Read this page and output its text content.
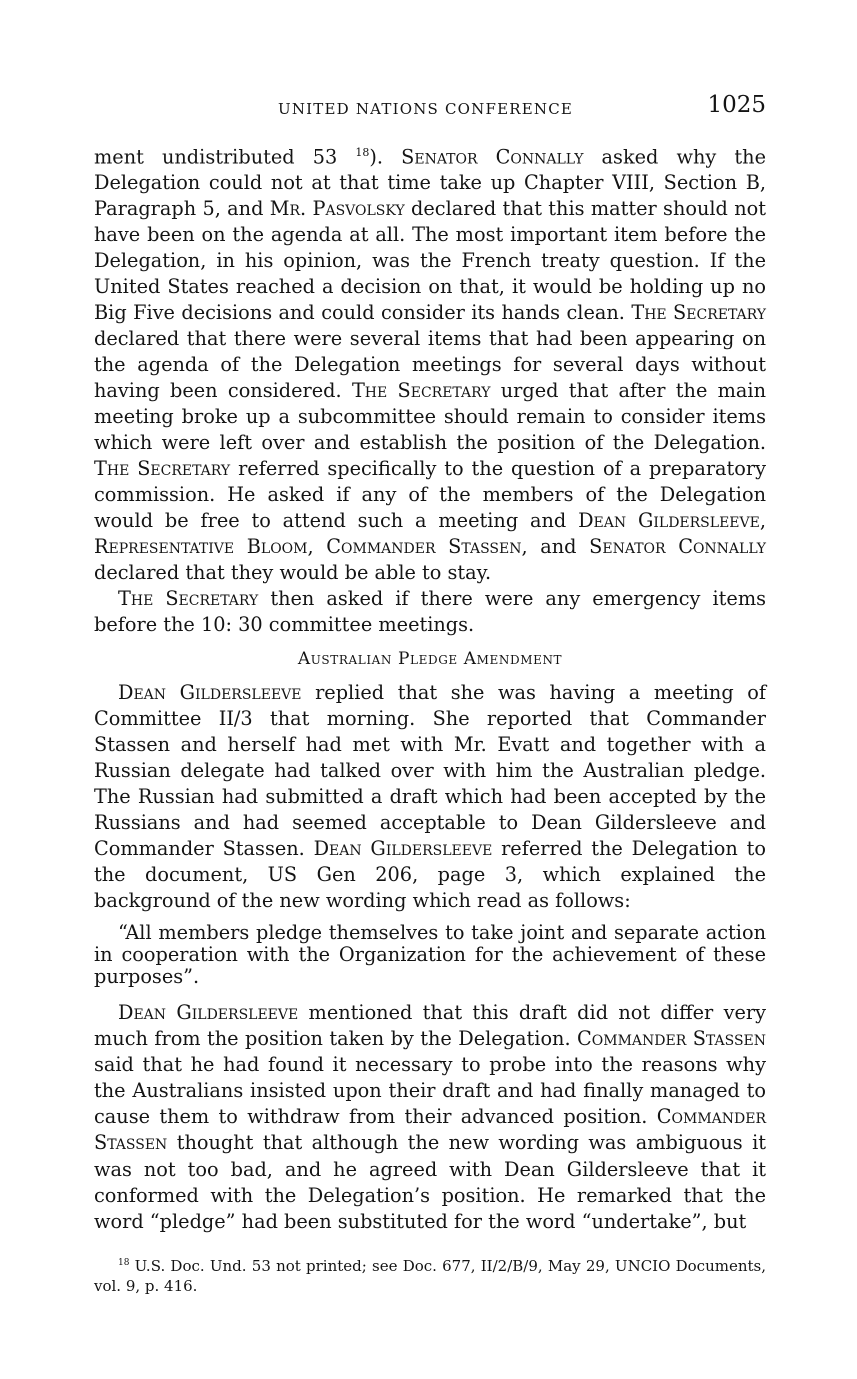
UNITED NATIONS CONFERENCE	1025

ment undistributed 53 $^{18}$). Senator Connally asked why the Delegation could not at that time take up Chapter VIII, Section B, Paragraph 5, and Mr. Pasvolsky declared that this matter should not have been on the agenda at all. The most important item before the Delegation, in his opinion, was the French treaty question. If the United States reached a decision on that, it would be holding up no Big Five decisions and could consider its hands clean. The Secretary declared that there were several items that had been appearing on the agenda of the Delegation meetings for several days without having been considered. The Secretary urged that after the main meeting broke up a subcommittee should remain to consider items which were left over and establish the position of the Delegation. The Secretary referred specifically to the question of a preparatory commission. He asked if any of the members of the Delegation would be free to attend such a meeting and Dean Gildersleeve, Representative Bloom, Commander Stassen, and Senator Connally declared that they would be able to stay.

The Secretary then asked if there were any emergency items before the 10: 30 committee meetings.

Australian Pledge Amendment

Dean Gildersleeve replied that she was having a meeting of Committee II/3 that morning. She reported that Commander Stassen and herself had met with Mr. Evatt and together with a Russian delegate had talked over with him the Australian pledge. The Russian had submitted a draft which had been accepted by the Russians and had seemed acceptable to Dean Gildersleeve and Commander Stassen. Dean Gildersleeve referred the Delegation to the document, US Gen 206, page 3, which explained the background of the new wording which read as follows:

“All members pledge themselves to take joint and separate action in cooperation with the Organization for the achievement of these purposes”.

Dean Gildersleeve mentioned that this draft did not differ very much from the position taken by the Delegation. Commander Stassen said that he had found it necessary to probe into the reasons why the Australians insisted upon their draft and had finally managed to cause them to withdraw from their advanced position. Commander Stassen thought that although the new wording was ambiguous it was not too bad, and he agreed with Dean Gildersleeve that it conformed with the Delegation’s position. He remarked that the word “pledge” had been substituted for the word “undertake”, but

$^{18}$ U.S. Doc. Und. 53 not printed; see Doc. 677, II/2/B/9, May 29, UNCIO Documents, vol. 9, p. 416.
